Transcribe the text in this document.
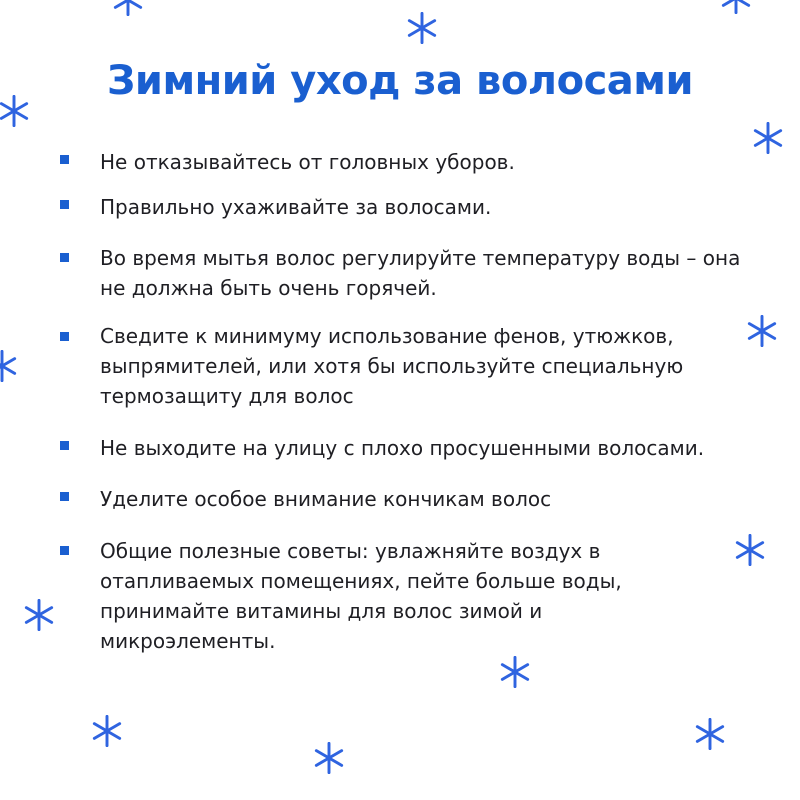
Зимний уход за волосами

Не отказывайтесь от головных уборов.

Правильно ухаживайте за волосами.

Во время мытья волос регулируйте температуру воды – она не должна быть очень горячей.

Сведите к минимуму использование фенов, утюжков, выпрямителей, или хотя бы используйте специальную термозащиту для волос

Не выходите на улицу с плохо просушенными волосами.

Уделите особое внимание кончикам волос

Общие полезные советы: увлажняйте воздух в отапливаемых помещениях, пейте больше воды, принимайте витамины для волос зимой и микроэлементы.
